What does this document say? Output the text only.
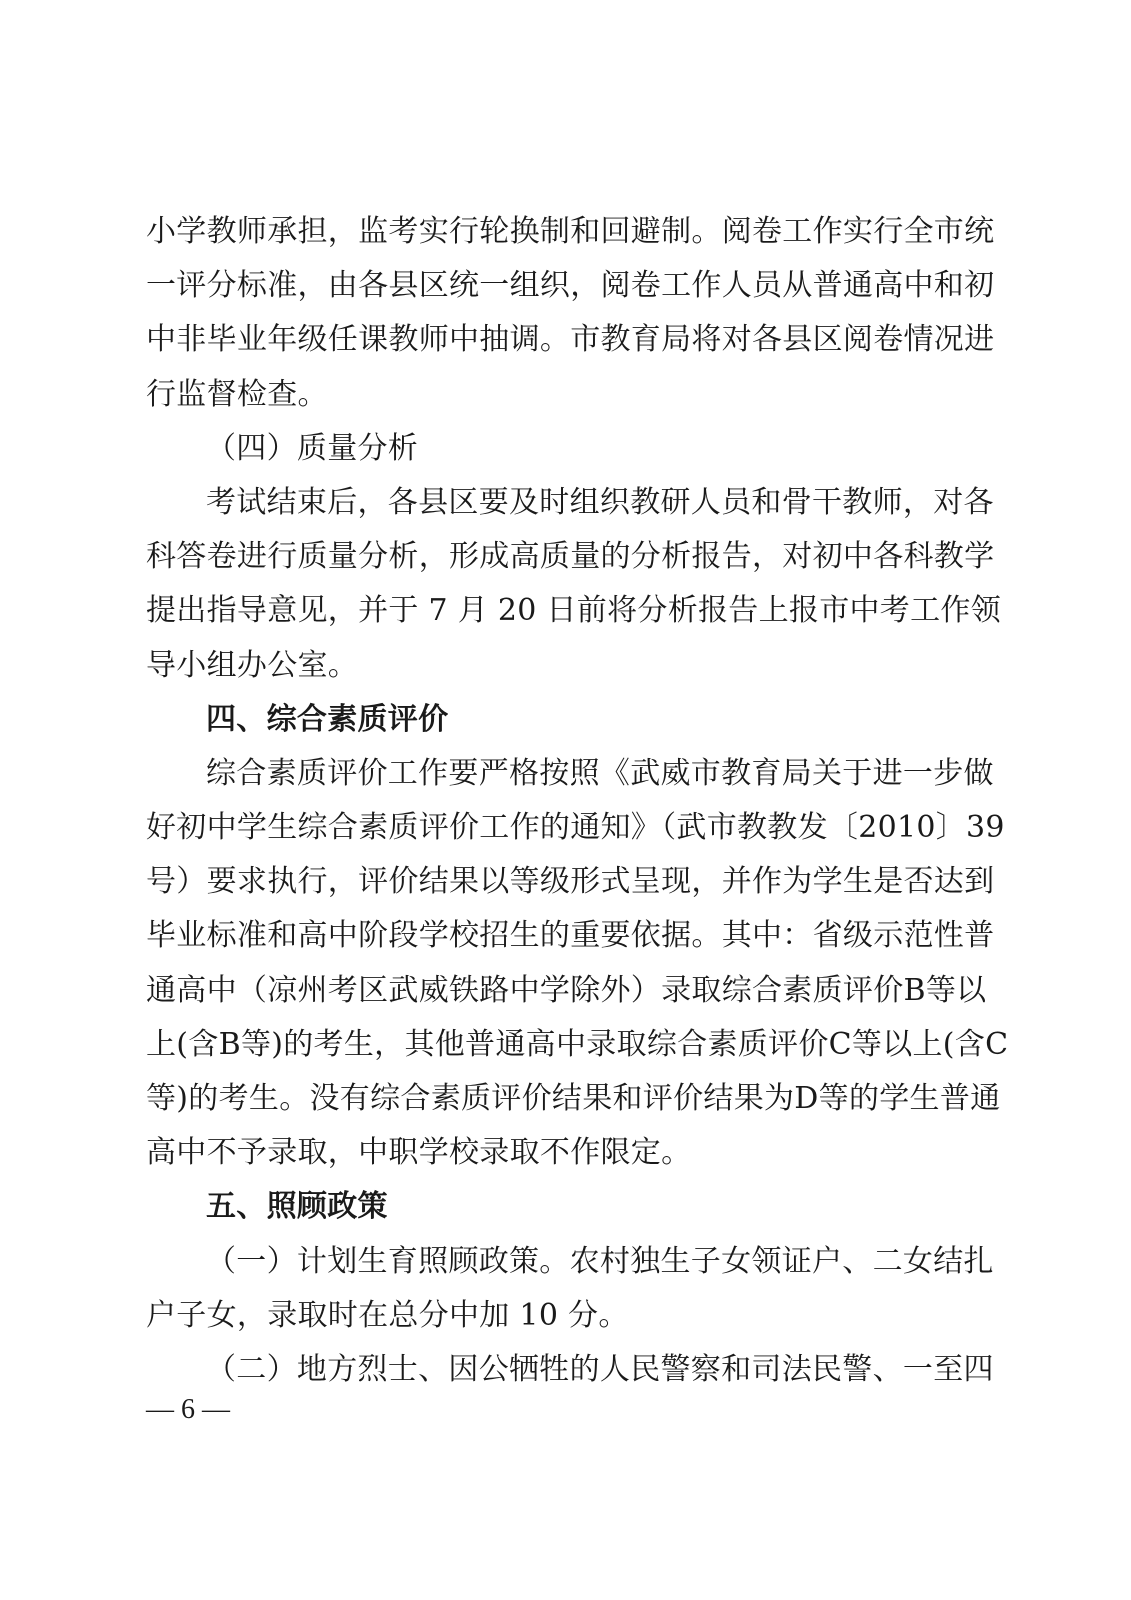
小学教师承担，监考实行轮换制和回避制。阅卷工作实行全市统
一评分标准，由各县区统一组织，阅卷工作人员从普通高中和初
中非毕业年级任课教师中抽调。市教育局将对各县区阅卷情况进
行监督检查。
（四）质量分析
考试结束后，各县区要及时组织教研人员和骨干教师，对各
科答卷进行质量分析，形成高质量的分析报告，对初中各科教学
提出指导意见，并于 7 月 20 日前将分析报告上报市中考工作领
导小组办公室。
四、综合素质评价
综合素质评价工作要严格按照《武威市教育局关于进一步做
好初中学生综合素质评价工作的通知》（武市教教发〔2010〕39
号）要求执行，评价结果以等级形式呈现，并作为学生是否达到
毕业标准和高中阶段学校招生的重要依据。其中：省级示范性普
通高中（凉州考区武威铁路中学除外）录取综合素质评价B等以
上(含B等)的考生，其他普通高中录取综合素质评价C等以上(含C
等)的考生。没有综合素质评价结果和评价结果为D等的学生普通
高中不予录取，中职学校录取不作限定。
五、照顾政策
（一）计划生育照顾政策。农村独生子女领证户、二女结扎
户子女，录取时在总分中加 10 分。
（二）地方烈士、因公牺牲的人民警察和司法民警、一至四
— 6 —
